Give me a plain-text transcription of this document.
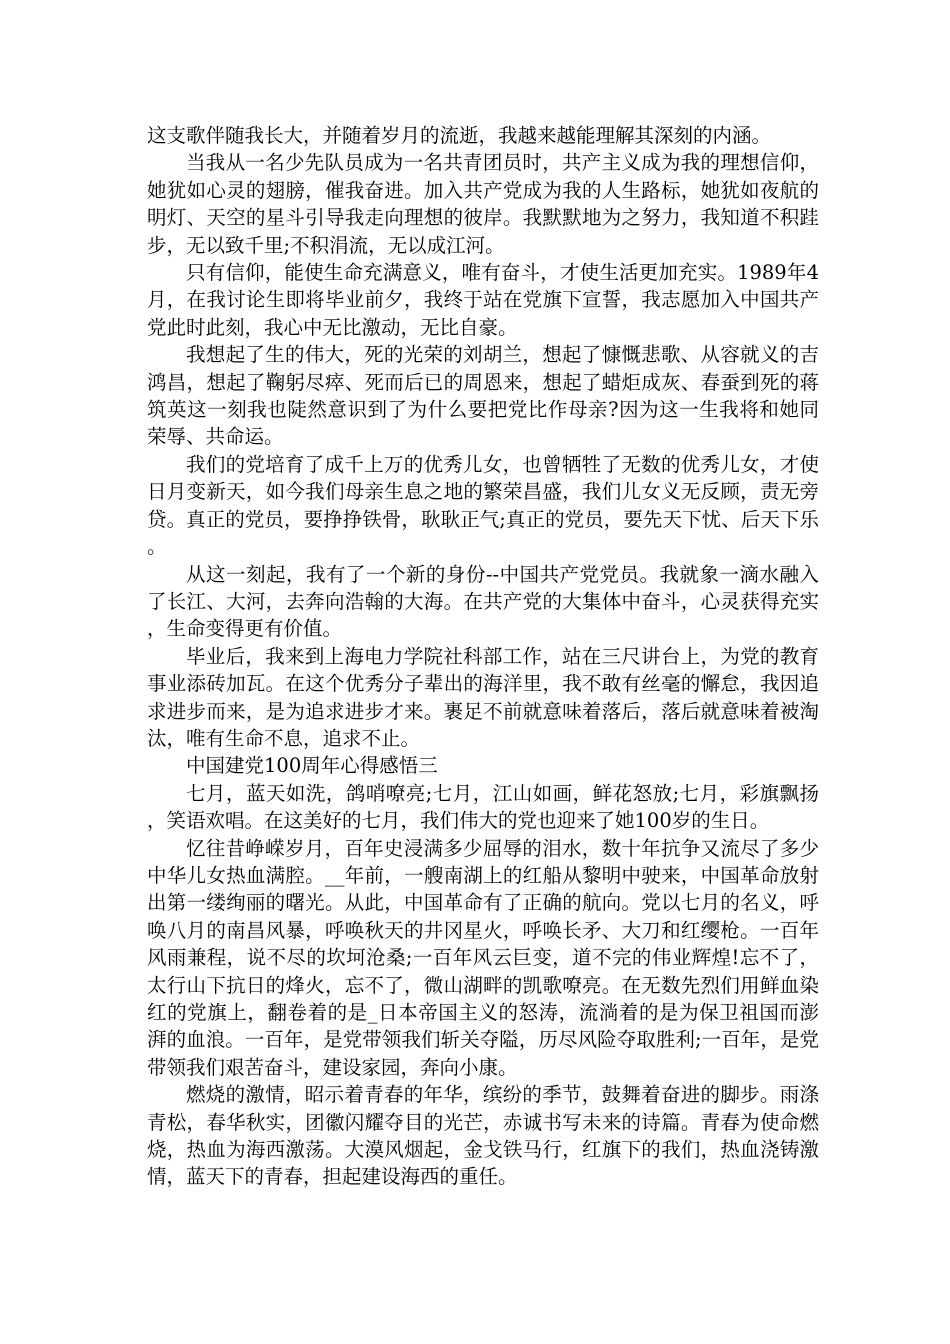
这支歌伴随我长大，并随着岁月的流逝，我越来越能理解其深刻的内涵。

当我从一名少先队员成为一名共青团员时，共产主义成为我的理想信仰，她犹如心灵的翅膀，催我奋进。加入共产党成为我的人生路标，她犹如夜航的明灯、天空的星斗引导我走向理想的彼岸。我默默地为之努力，我知道不积跬步，无以致千里;不积涓流，无以成江河。

只有信仰，能使生命充满意义，唯有奋斗，才使生活更加充实。1989年4月，在我讨论生即将毕业前夕，我终于站在党旗下宣誓，我志愿加入中国共产党此时此刻，我心中无比激动，无比自豪。

我想起了生的伟大，死的光荣的刘胡兰，想起了慷慨悲歌、从容就义的吉鸿昌，想起了鞠躬尽瘁、死而后已的周恩来，想起了蜡炬成灰、春蚕到死的蒋筑英这一刻我也陡然意识到了为什么要把党比作母亲?因为这一生我将和她同荣辱、共命运。

我们的党培育了成千上万的优秀儿女，也曾牺牲了无数的优秀儿女，才使日月变新天，如今我们母亲生息之地的繁荣昌盛，我们儿女义无反顾，责无旁贷。真正的党员，要挣挣铁骨，耿耿正气;真正的党员，要先天下忧、后天下乐。

从这一刻起，我有了一个新的身份--中国共产党党员。我就象一滴水融入了长江、大河，去奔向浩翰的大海。在共产党的大集体中奋斗，心灵获得充实，生命变得更有价值。

毕业后，我来到上海电力学院社科部工作，站在三尺讲台上，为党的教育事业添砖加瓦。在这个优秀分子辈出的海洋里，我不敢有丝毫的懈怠，我因追求进步而来，是为追求进步才来。裹足不前就意味着落后，落后就意味着被淘汰，唯有生命不息，追求不止。

中国建党100周年心得感悟三

七月，蓝天如洗，鸽哨嘹亮;七月，江山如画，鲜花怒放;七月，彩旗飘扬，笑语欢唱。在这美好的七月，我们伟大的党也迎来了她100岁的生日。

忆往昔峥嵘岁月，百年史浸满多少屈辱的泪水，数十年抗争又流尽了多少中华儿女热血满腔。__年前，一艘南湖上的红船从黎明中驶来，中国革命放射出第一缕绚丽的曙光。从此，中国革命有了正确的航向。党以七月的名义，呼唤八月的南昌风暴，呼唤秋天的井冈星火，呼唤长矛、大刀和红缨枪。一百年风雨兼程，说不尽的坎坷沧桑;一百年风云巨变，道不完的伟业辉煌!忘不了，太行山下抗日的烽火，忘不了，微山湖畔的凯歌嘹亮。在无数先烈们用鲜血染红的党旗上，翻卷着的是_日本帝国主义的怒涛，流淌着的是为保卫祖国而澎湃的血浪。一百年，是党带领我们斩关夺隘，历尽风险夺取胜利;一百年，是党带领我们艰苦奋斗，建设家园，奔向小康。

燃烧的激情，昭示着青春的年华，缤纷的季节，鼓舞着奋进的脚步。雨涤青松，春华秋实，团徽闪耀夺目的光芒，赤诚书写未来的诗篇。青春为使命燃烧，热血为海西激荡。大漠风烟起，金戈铁马行，红旗下的我们，热血浇铸激情，蓝天下的青春，担起建设海西的重任。
